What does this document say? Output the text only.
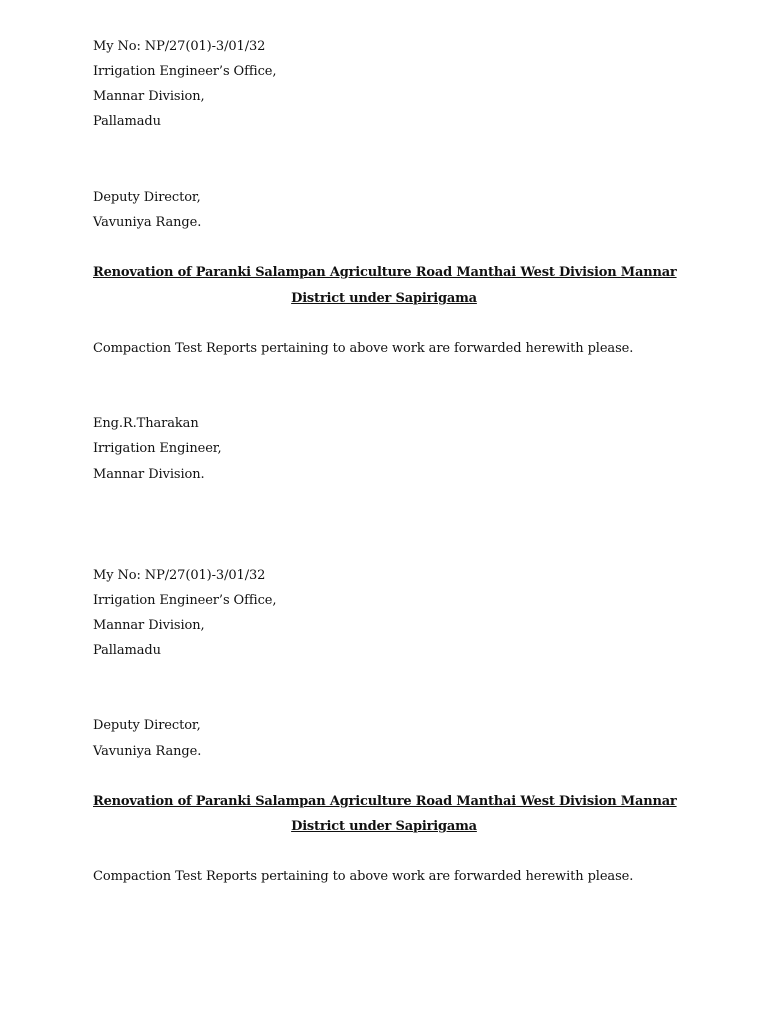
My No: NP/27(01)-3/01/32
Irrigation Engineer’s Office,
Mannar Division,
Pallamadu
Deputy Director,
Vavuniya Range.
Renovation of Paranki Salampan Agriculture Road Manthai West Division Mannar
District under Sapirigama
Compaction Test Reports pertaining to above work are forwarded herewith please.
Eng.R.Tharakan
Irrigation Engineer,
Mannar Division.
My No: NP/27(01)-3/01/32
Irrigation Engineer’s Office,
Mannar Division,
Pallamadu
Deputy Director,
Vavuniya Range.
Renovation of Paranki Salampan Agriculture Road Manthai West Division Mannar
District under Sapirigama
Compaction Test Reports pertaining to above work are forwarded herewith please.
